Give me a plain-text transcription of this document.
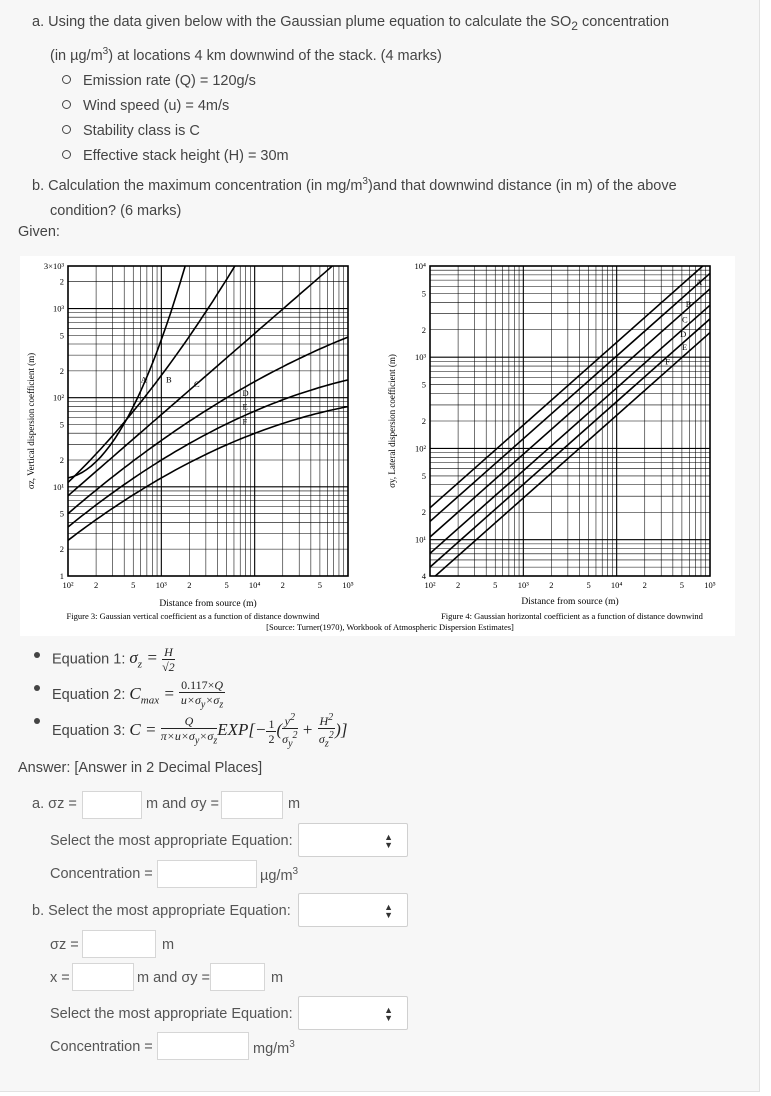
a. Using the data given below with the Gaussian plume equation to calculate the $SO_2$ concentration
(in $\mu g/m^3$) at locations 4 km downwind of the stack. (4 marks)
Emission rate (Q) = 120g/s
Wind speed (u) = 4m/s
Stability class is C
Effective stack height (H) = 30m
b. Calculation the maximum concentration (in $mg/m^3)and$ that downwind distance (in m) of the above
condition? (6 marks)
Given:
10² 2	5 10³ 2	5 10⁴ 2	5 10⁵
3×10³
2
10³
5
2
10²
5
2
10¹
5
2
1
10² 2	5 10³ 2	5 10⁴ 2	5 10⁵
10⁴
5
2
10³
5
2
10²
5
2
10¹
4
A B	C
D
E
F
A
B
C
D
E
F
σz, Vertical dispersion coefficient (m)	σy, Lateral dispersion coefficient (m)
Distance from source (m)	Distance from source (m)
Figure 3: Gaussian vertical coefficient as a function of distance downwind	Figure 4: Gaussian horizontal coefficient as a function of distance downwind
[Source: Turner(1970), Workbook of Atmospheric Dispersion Estimates]
Equation 1: $\sigma_z = \frac{H}{√2}$
Equation 2: $C_{max} = \frac{0.117\times Q}{u\times\sigma_y\times\sigma_z}$
Equation 3: $C = \frac{Q}{\pi\times u\times\sigma_y\times\sigma_z} EXP[- \frac{1}{2}$ ( $\frac{y^2}{\sigma_y^2} + \frac{H^2}{\sigma_z^2}$ )]
Answer: [Answer in 2 Decimal Places]
a. σz =	m and σy =	m
Select the most appropriate Equation:	▲
▼
Concentration =	$\mu g/m^3$
b. Select the most appropriate Equation:	▲
▼
σz =	m
x =	m and σy =	m
Select the most appropriate Equation:	▲
▼
Concentration =	$mg/m^3$
